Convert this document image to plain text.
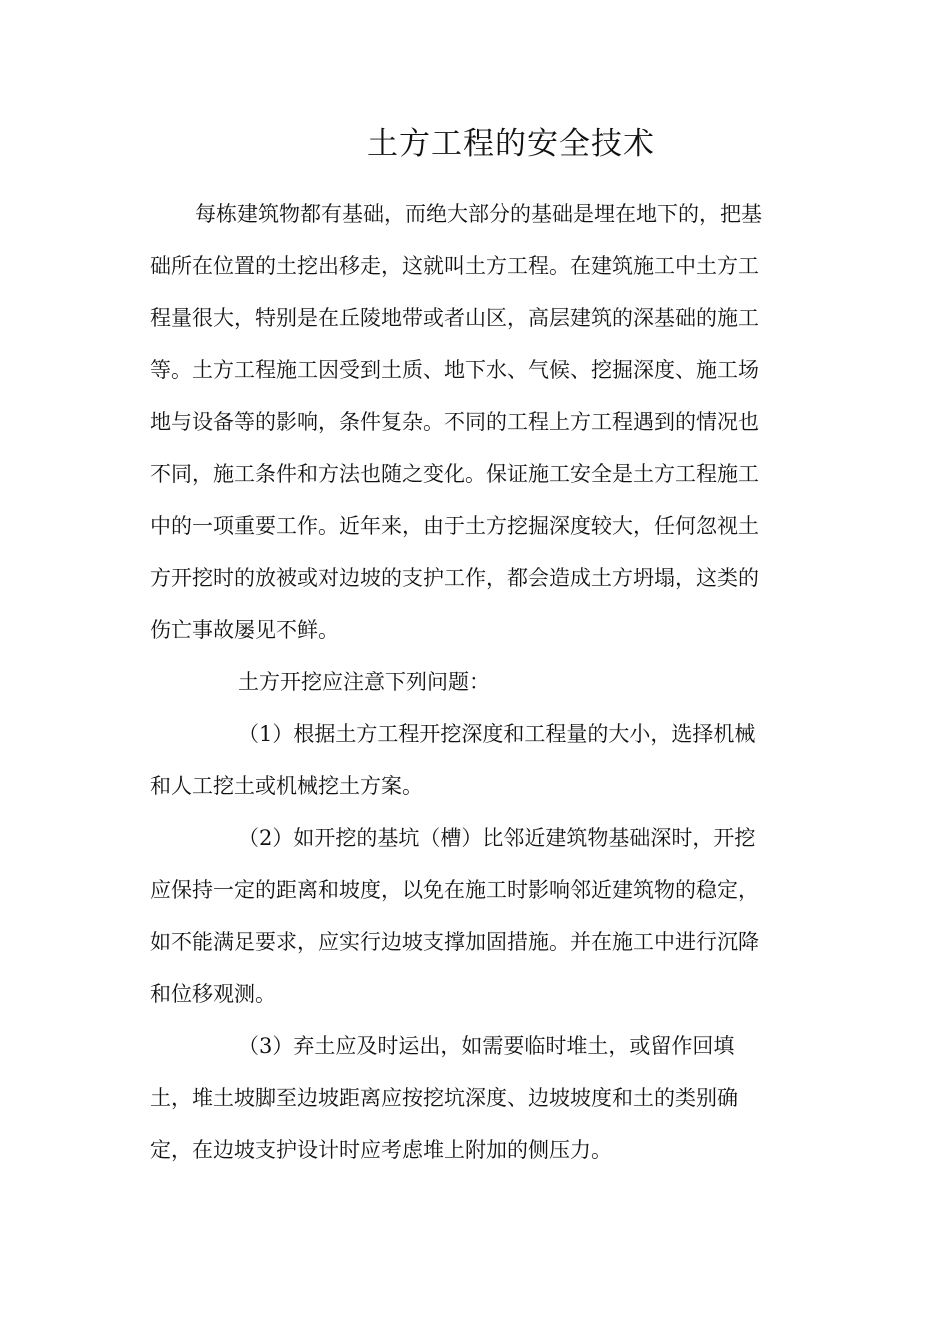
土方工程的安全技术
每栋建筑物都有基础，而绝大部分的基础是埋在地下的，把基
础所在位置的土挖出移走，这就叫土方工程。在建筑施工中土方工
程量很大，特别是在丘陵地带或者山区，高层建筑的深基础的施工
等。土方工程施工因受到土质、地下水、气候、挖掘深度、施工场
地与设备等的影响，条件复杂。不同的工程上方工程遇到的情况也
不同，施工条件和方法也随之变化。保证施工安全是土方工程施工
中的一项重要工作。近年来，由于土方挖掘深度较大，任何忽视土
方开挖时的放被或对边坡的支护工作，都会造成土方坍塌，这类的
伤亡事故屡见不鲜。
土方开挖应注意下列问题：
（1）根据土方工程开挖深度和工程量的大小，选择机械
和人工挖土或机械挖土方案。
（2）如开挖的基坑（槽）比邻近建筑物基础深时，开挖
应保持一定的距离和坡度，以免在施工时影响邻近建筑物的稳定，
如不能满足要求，应实行边坡支撑加固措施。并在施工中进行沉降
和位移观测。
（3）弃土应及时运出，如需要临时堆土，或留作回填
土，堆土坡脚至边坡距离应按挖坑深度、边坡坡度和土的类别确
定，在边坡支护设计时应考虑堆上附加的侧压力。
